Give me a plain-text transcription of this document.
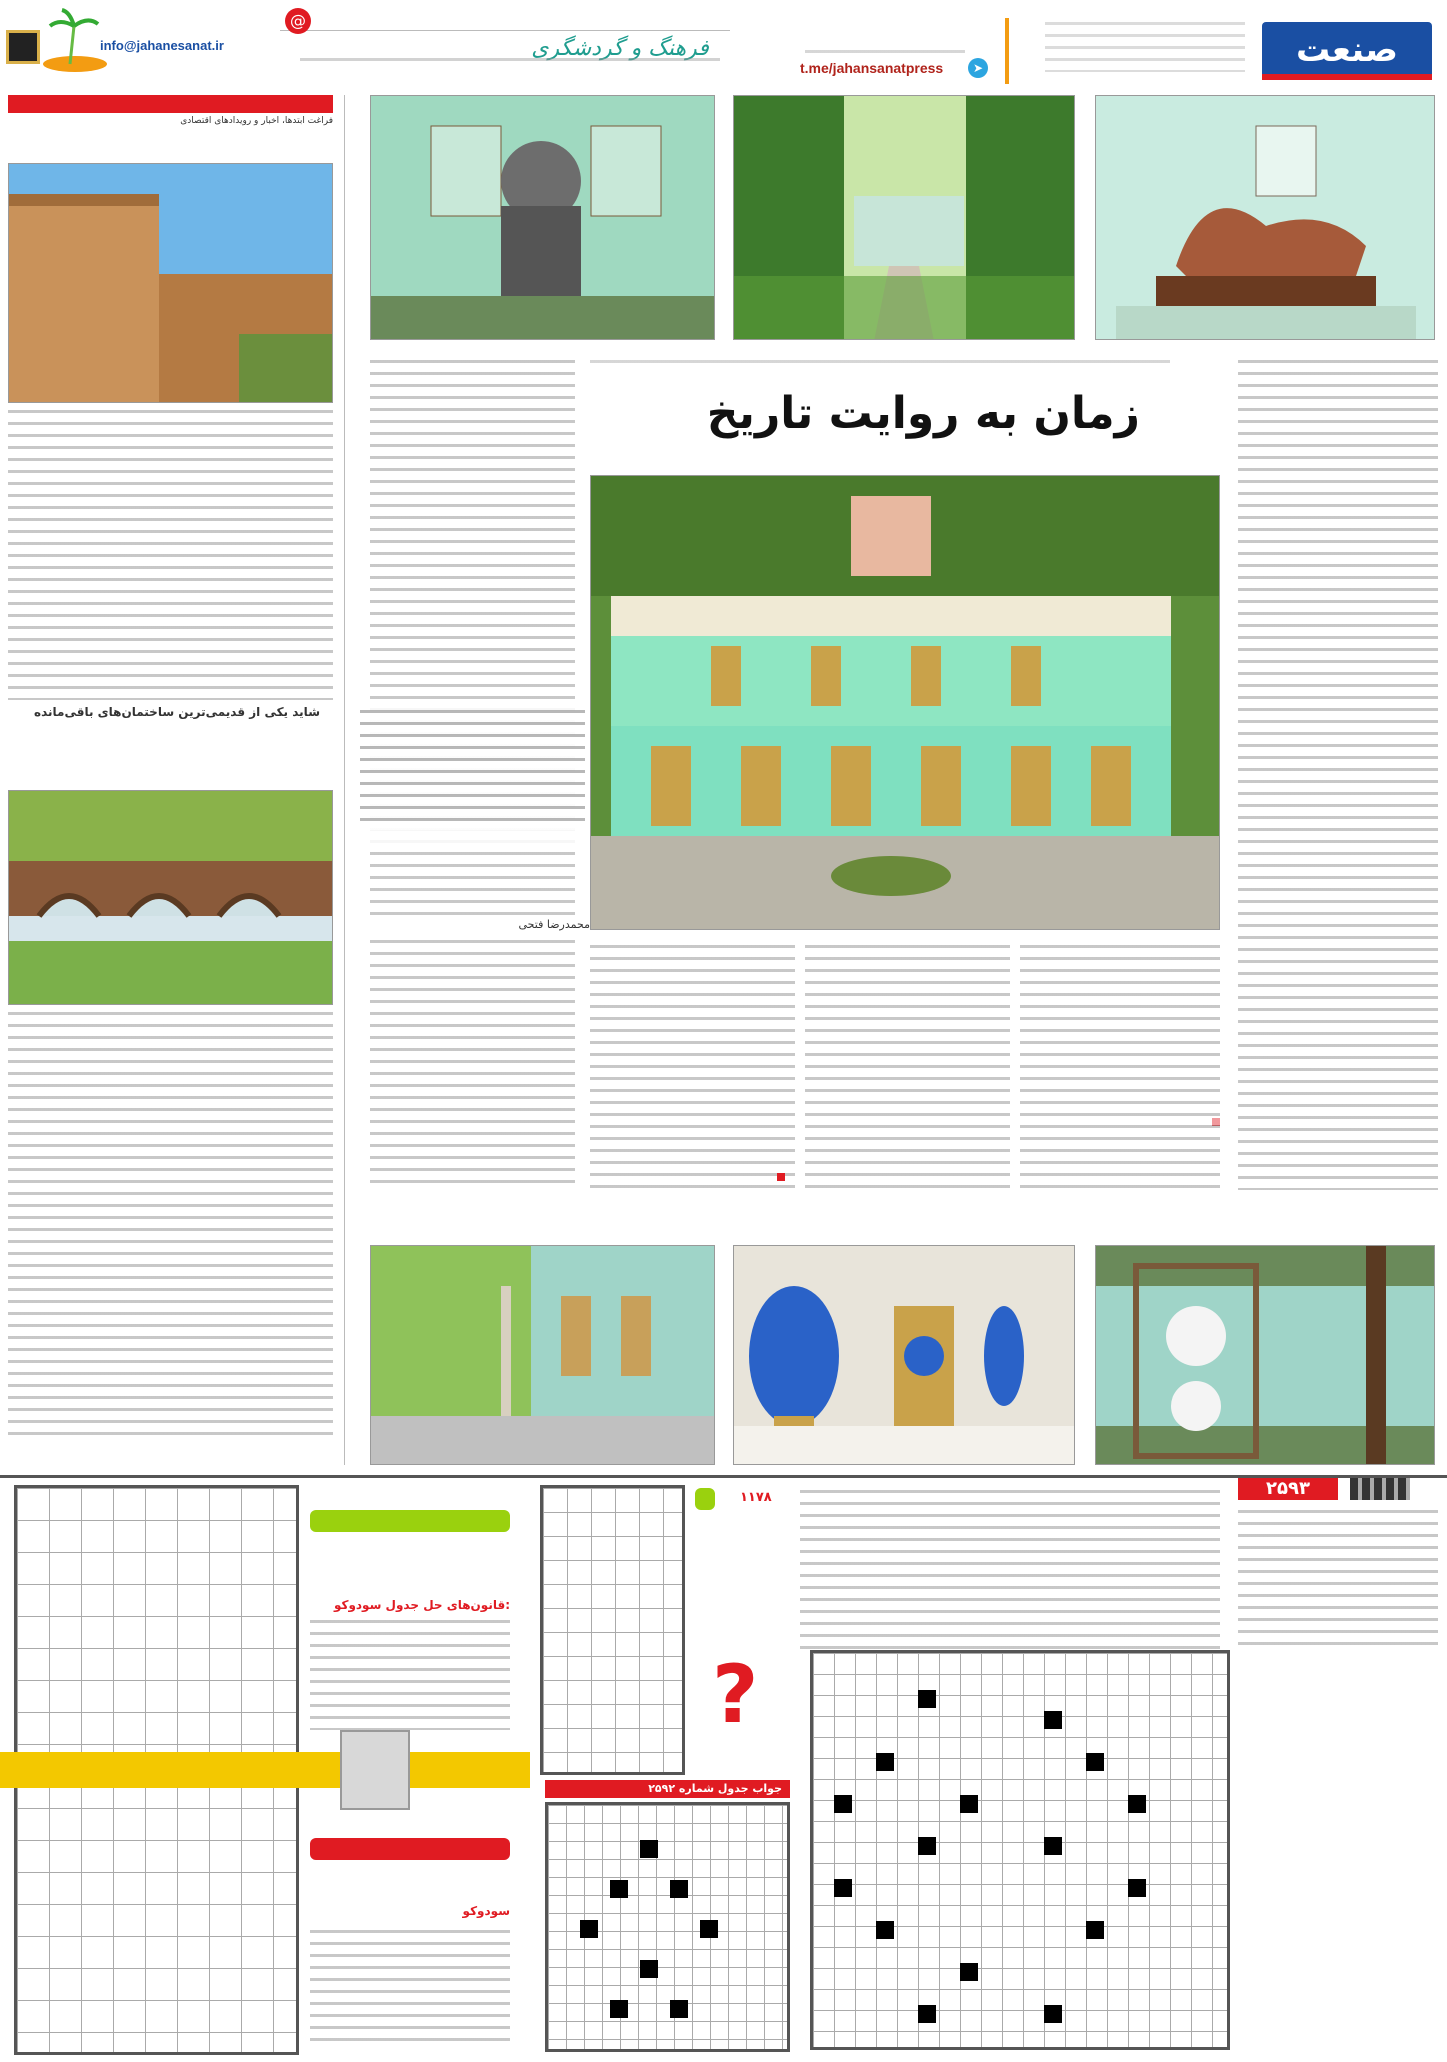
صنعت
t.me/jahansanatpress	➤
فرهنگ و گردشگری
info@jahanesanat.ir
@
فراغت ابتدها، اخبار و رویدادهای اقتصادی
شاید یکی از قدیمی‌ترین ساختمان‌های باقی‌مانده
زمان به روایت تاریخ
محمدرضا فتحی
۲۵۹۳
قانون‌های حل جدول سودوکو:
سودوکو
۱۱۷۸
?
جواب جدول شماره ۲۵۹۲
